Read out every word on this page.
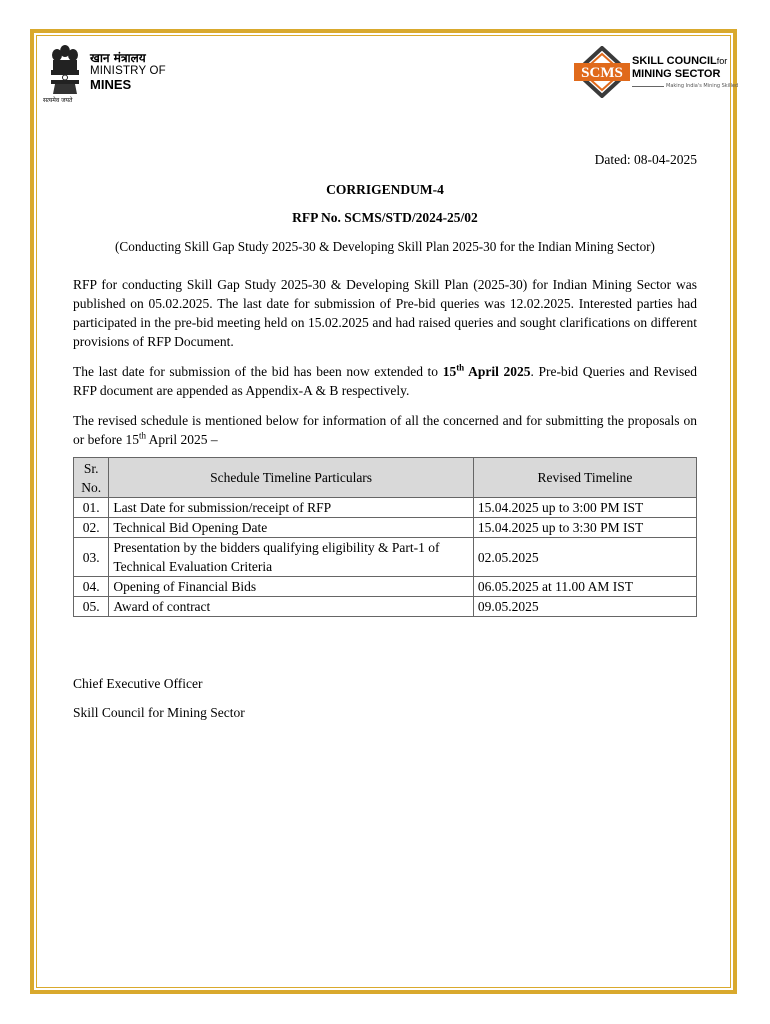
सत्यमेव जयते
खान मंत्रालय
MINISTRY OF
MINES
SCMS
SKILL COUNCILfor
MINING SECTOR
Making India's Mining Skilled

Dated: 08-04-2025

CORRIGENDUM-4

RFP No. SCMS/STD/2024-25/02

(Conducting Skill Gap Study 2025-30 & Developing Skill Plan 2025-30 for the Indian Mining Sector)

RFP for conducting Skill Gap Study 2025-30 & Developing Skill Plan (2025-30) for Indian Mining Sector was published on 05.02.2025. The last date for submission of Pre-bid queries was 12.02.2025. Interested parties had participated in the pre-bid meeting held on 15.02.2025 and had raised queries and sought clarifications on different provisions of RFP Document.

The last date for submission of the bid has been now extended to 15th April 2025. Pre-bid Queries and Revised RFP document are appended as Appendix-A & B respectively.

The revised schedule is mentioned below for information of all the concerned and for submitting the proposals on or before 15th April 2025 –

Sr. No.	Schedule Timeline Particulars	Revised Timeline
01.	Last Date for submission/receipt of RFP	15.04.2025 up to 3:00 PM IST
02.	Technical Bid Opening Date	15.04.2025 up to 3:30 PM IST
03.	Presentation by the bidders qualifying eligibility & Part-1 of Technical Evaluation Criteria	02.05.2025
04.	Opening of Financial Bids	06.05.2025 at 11.00 AM IST
05.	Award of contract	09.05.2025

Chief Executive Officer

Skill Council for Mining Sector
